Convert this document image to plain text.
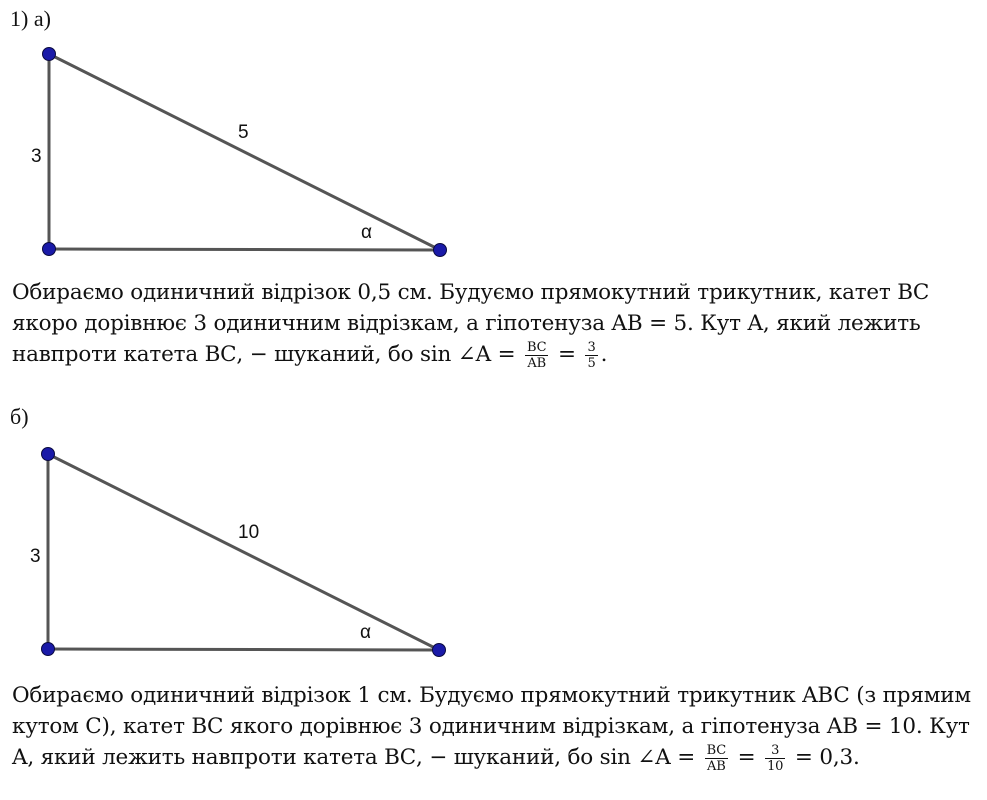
1) а)
3
5
α
Обираємо одиничний відрізок 0,5 см. Будуємо прямокутний трикутник, катет ВС
якоро дорівнює 3 одиничним відрізкам, а гіпотенуза AB = 5. Кут A, який лежить
навпроти катета ВС, − шуканий, бо sin ∠A = $\frac{BC}{AB} = \frac{3}{5}$ .
б)
3
10
α
Обираємо одиничний відрізок 1 см. Будуємо прямокутний трикутник ABC (з прямим
кутом C), катет ВС якого дорівнює 3 одиничним відрізкам, а гіпотенуза AB = 10. Кут
A, який лежить навпроти катета ВС, − шуканий, бо sin ∠A = $\frac{BC}{AB} = \frac{3}{10} = 0,3$.
